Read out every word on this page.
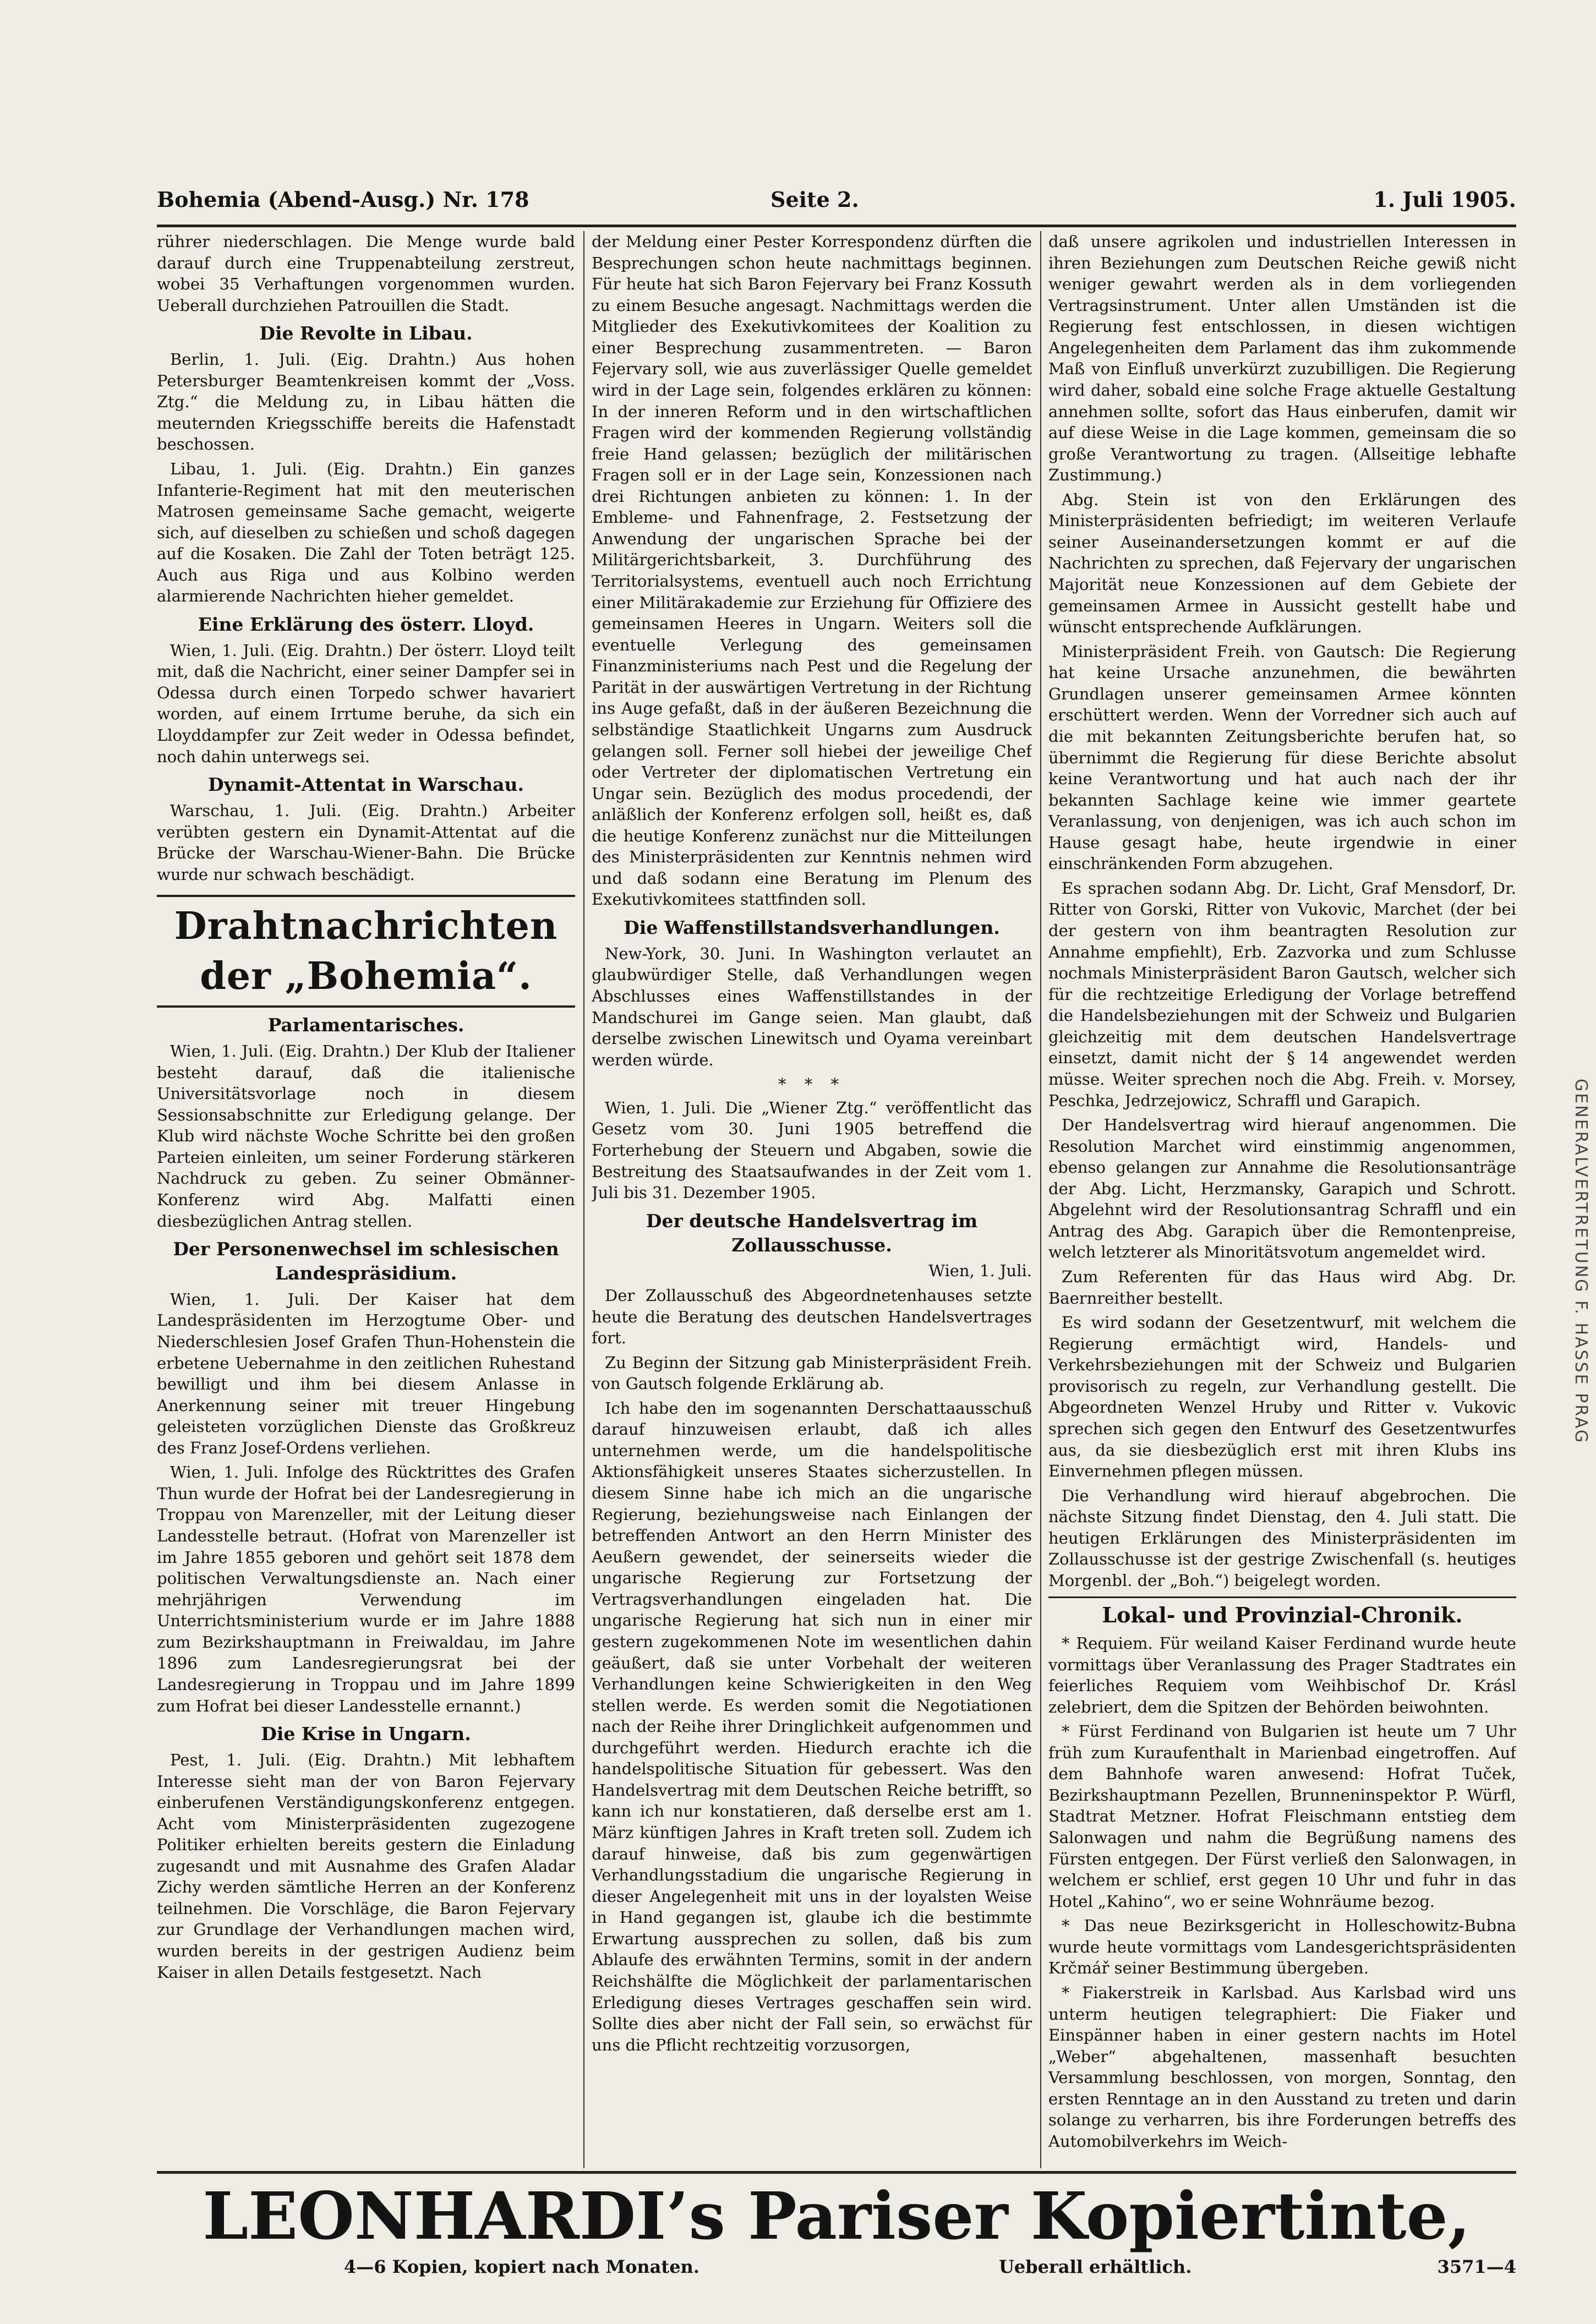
Bohemia (Abend-Ausg.) Nr. 178	Seite 2.	1. Juli 1905.

rührer niederschlagen. Die Menge wurde bald darauf durch eine Truppenabteilung zerstreut, wobei 35 Verhaftungen vorgenommen wurden. Ueberall durchziehen Patrouillen die Stadt.

Die Revolte in Libau.

Berlin, 1. Juli. (Eig. Drahtn.) Aus hohen Petersburger Beamtenkreisen kommt der „Voss. Ztg.“ die Meldung zu, in Libau hätten die meuternden Kriegsschiffe bereits die Hafenstadt beschossen.

Libau, 1. Juli. (Eig. Drahtn.) Ein ganzes Infanterie-Regiment hat mit den meuterischen Matrosen gemeinsame Sache gemacht, weigerte sich, auf dieselben zu schießen und schoß dagegen auf die Kosaken. Die Zahl der Toten beträgt 125. Auch aus Riga und aus Kolbino werden alarmierende Nachrichten hieher gemeldet.

Eine Erklärung des österr. Lloyd.

Wien, 1. Juli. (Eig. Drahtn.) Der österr. Lloyd teilt mit, daß die Nachricht, einer seiner Dampfer sei in Odessa durch einen Torpedo schwer havariert worden, auf einem Irrtume beruhe, da sich ein Lloyddampfer zur Zeit weder in Odessa befindet, noch dahin unterwegs sei.

Dynamit-Attentat in Warschau.

Warschau, 1. Juli. (Eig. Drahtn.) Arbeiter verübten gestern ein Dynamit-Attentat auf die Brücke der Warschau-Wiener-Bahn. Die Brücke wurde nur schwach beschädigt.

Drahtnachrichten der „Bohemia“.
Parlamentarisches.

Wien, 1. Juli. (Eig. Drahtn.) Der Klub der Italiener besteht darauf, daß die italienische Universitätsvorlage noch in diesem Sessionsabschnitte zur Erledigung gelange. Der Klub wird nächste Woche Schritte bei den großen Parteien einleiten, um seiner Forderung stärkeren Nachdruck zu geben. Zu seiner Obmänner-Konferenz wird Abg. Malfatti einen diesbezüglichen Antrag stellen.

Der Personenwechsel im schlesischen Landespräsidium.

Wien, 1. Juli. Der Kaiser hat dem Landespräsidenten im Herzogtume Ober- und Niederschlesien Josef Grafen Thun-Hohenstein die erbetene Uebernahme in den zeitlichen Ruhestand bewilligt und ihm bei diesem Anlasse in Anerkennung seiner mit treuer Hingebung geleisteten vorzüglichen Dienste das Großkreuz des Franz Josef-Ordens verliehen.

Wien, 1. Juli. Infolge des Rücktrittes des Grafen Thun wurde der Hofrat bei der Landesregierung in Troppau von Marenzeller, mit der Leitung dieser Landesstelle betraut. (Hofrat von Marenzeller ist im Jahre 1855 geboren und gehört seit 1878 dem politischen Verwaltungsdienste an. Nach einer mehrjährigen Verwendung im Unterrichtsministerium wurde er im Jahre 1888 zum Bezirkshauptmann in Freiwaldau, im Jahre 1896 zum Landesregierungsrat bei der Landesregierung in Troppau und im Jahre 1899 zum Hofrat bei dieser Landesstelle ernannt.)

Die Krise in Ungarn.

Pest, 1. Juli. (Eig. Drahtn.) Mit lebhaftem Interesse sieht man der von Baron Fejervary einberufenen Verständigungskonferenz entgegen. Acht vom Ministerpräsidenten zugezogene Politiker erhielten bereits gestern die Einladung zugesandt und mit Ausnahme des Grafen Aladar Zichy werden sämtliche Herren an der Konferenz teilnehmen. Die Vorschläge, die Baron Fejervary zur Grundlage der Verhandlungen machen wird, wurden bereits in der gestrigen Audienz beim Kaiser in allen Details festgesetzt. Nach

der Meldung einer Pester Korrespondenz dürften die Besprechungen schon heute nachmittags beginnen. Für heute hat sich Baron Fejervary bei Franz Kossuth zu einem Besuche angesagt. Nachmittags werden die Mitglieder des Exekutivkomitees der Koalition zu einer Besprechung zusammentreten. — Baron Fejervary soll, wie aus zuverlässiger Quelle gemeldet wird in der Lage sein, folgendes erklären zu können: In der inneren Reform und in den wirtschaftlichen Fragen wird der kommenden Regierung vollständig freie Hand gelassen; bezüglich der militärischen Fragen soll er in der Lage sein, Konzessionen nach drei Richtungen anbieten zu können: 1. In der Embleme- und Fahnenfrage, 2. Festsetzung der Anwendung der ungarischen Sprache bei der Militärgerichtsbarkeit, 3. Durchführung des Territorialsystems, eventuell auch noch Errichtung einer Militärakademie zur Erziehung für Offiziere des gemeinsamen Heeres in Ungarn. Weiters soll die eventuelle Verlegung des gemeinsamen Finanzministeriums nach Pest und die Regelung der Parität in der auswärtigen Vertretung in der Richtung ins Auge gefaßt, daß in der äußeren Bezeichnung die selbständige Staatlichkeit Ungarns zum Ausdruck gelangen soll. Ferner soll hiebei der jeweilige Chef oder Vertreter der diplomatischen Vertretung ein Ungar sein. Bezüglich des modus procedendi, der anläßlich der Konferenz erfolgen soll, heißt es, daß die heutige Konferenz zunächst nur die Mitteilungen des Ministerpräsidenten zur Kenntnis nehmen wird und daß sodann eine Beratung im Plenum des Exekutivkomitees stattfinden soll.

Die Waffenstillstandsverhandlungen.

New-York, 30. Juni. In Washington verlautet an glaubwürdiger Stelle, daß Verhandlungen wegen Abschlusses eines Waffenstillstandes in der Mandschurei im Gange seien. Man glaubt, daß derselbe zwischen Linewitsch und Oyama vereinbart werden würde.

* * *

Wien, 1. Juli. Die „Wiener Ztg.“ veröffentlicht das Gesetz vom 30. Juni 1905 betreffend die Forterhebung der Steuern und Abgaben, sowie die Bestreitung des Staatsaufwandes in der Zeit vom 1. Juli bis 31. Dezember 1905.

Der deutsche Handelsvertrag im Zollausschusse.

Wien, 1. Juli.

Der Zollausschuß des Abgeordnetenhauses setzte heute die Beratung des deutschen Handelsvertrages fort.

Zu Beginn der Sitzung gab Ministerpräsident Freih. von Gautsch folgende Erklärung ab.

Ich habe den im sogenannten Derschattaausschuß darauf hinzuweisen erlaubt, daß ich alles unternehmen werde, um die handelspolitische Aktionsfähigkeit unseres Staates sicherzustellen. In diesem Sinne habe ich mich an die ungarische Regierung, beziehungsweise nach Einlangen der betreffenden Antwort an den Herrn Minister des Aeußern gewendet, der seinerseits wieder die ungarische Regierung zur Fortsetzung der Vertragsverhandlungen eingeladen hat. Die ungarische Regierung hat sich nun in einer mir gestern zugekommenen Note im wesentlichen dahin geäußert, daß sie unter Vorbehalt der weiteren Verhandlungen keine Schwierigkeiten in den Weg stellen werde. Es werden somit die Negotiationen nach der Reihe ihrer Dringlichkeit aufgenommen und durchgeführt werden. Hiedurch erachte ich die handelspolitische Situation für gebessert. Was den Handelsvertrag mit dem Deutschen Reiche betrifft, so kann ich nur konstatieren, daß derselbe erst am 1. März künftigen Jahres in Kraft treten soll. Zudem ich darauf hinweise, daß bis zum gegenwärtigen Verhandlungsstadium die ungarische Regierung in dieser Angelegenheit mit uns in der loyalsten Weise in Hand gegangen ist, glaube ich die bestimmte Erwartung aussprechen zu sollen, daß bis zum Ablaufe des erwähnten Termins, somit in der andern Reichshälfte die Möglichkeit der parlamentarischen Erledigung dieses Vertrages geschaffen sein wird. Sollte dies aber nicht der Fall sein, so erwächst für uns die Pflicht rechtzeitig vorzusorgen,

daß unsere agrikolen und industriellen Interessen in ihren Beziehungen zum Deutschen Reiche gewiß nicht weniger gewahrt werden als in dem vorliegenden Vertragsinstrument. Unter allen Umständen ist die Regierung fest entschlossen, in diesen wichtigen Angelegenheiten dem Parlament das ihm zukommende Maß von Einfluß unverkürzt zuzubilligen. Die Regierung wird daher, sobald eine solche Frage aktuelle Gestaltung annehmen sollte, sofort das Haus einberufen, damit wir auf diese Weise in die Lage kommen, gemeinsam die so große Verantwortung zu tragen. (Allseitige lebhafte Zustimmung.)

Abg. Stein ist von den Erklärungen des Ministerpräsidenten befriedigt; im weiteren Verlaufe seiner Auseinandersetzungen kommt er auf die Nachrichten zu sprechen, daß Fejervary der ungarischen Majorität neue Konzessionen auf dem Gebiete der gemeinsamen Armee in Aussicht gestellt habe und wünscht entsprechende Aufklärungen.

Ministerpräsident Freih. von Gautsch: Die Regierung hat keine Ursache anzunehmen, die bewährten Grundlagen unserer gemeinsamen Armee könnten erschüttert werden. Wenn der Vorredner sich auch auf die mit bekannten Zeitungsberichte berufen hat, so übernimmt die Regierung für diese Berichte absolut keine Verantwortung und hat auch nach der ihr bekannten Sachlage keine wie immer geartete Veranlassung, von denjenigen, was ich auch schon im Hause gesagt habe, heute irgendwie in einer einschränkenden Form abzugehen.

Es sprachen sodann Abg. Dr. Licht, Graf Mensdorf, Dr. Ritter von Gorski, Ritter von Vukovic, Marchet (der bei der gestern von ihm beantragten Resolution zur Annahme empfiehlt), Erb. Zazvorka und zum Schlusse nochmals Ministerpräsident Baron Gautsch, welcher sich für die rechtzeitige Erledigung der Vorlage betreffend die Handelsbeziehungen mit der Schweiz und Bulgarien gleichzeitig mit dem deutschen Handelsvertrage einsetzt, damit nicht der § 14 angewendet werden müsse. Weiter sprechen noch die Abg. Freih. v. Morsey, Peschka, Jedrzejowicz, Schraffl und Garapich.

Der Handelsvertrag wird hierauf angenommen. Die Resolution Marchet wird einstimmig angenommen, ebenso gelangen zur Annahme die Resolutionsanträge der Abg. Licht, Herzmansky, Garapich und Schrott. Abgelehnt wird der Resolutionsantrag Schraffl und ein Antrag des Abg. Garapich über die Remontenpreise, welch letzterer als Minoritätsvotum angemeldet wird.

Zum Referenten für das Haus wird Abg. Dr. Baernreither bestellt.

Es wird sodann der Gesetzentwurf, mit welchem die Regierung ermächtigt wird, Handels- und Verkehrsbeziehungen mit der Schweiz und Bulgarien provisorisch zu regeln, zur Verhandlung gestellt. Die Abgeordneten Wenzel Hruby und Ritter v. Vukovic sprechen sich gegen den Entwurf des Gesetzentwurfes aus, da sie diesbezüglich erst mit ihren Klubs ins Einvernehmen pflegen müssen.

Die Verhandlung wird hierauf abgebrochen. Die nächste Sitzung findet Dienstag, den 4. Juli statt. Die heutigen Erklärungen des Ministerpräsidenten im Zollausschusse ist der gestrige Zwischenfall (s. heutiges Morgenbl. der „Boh.“) beigelegt worden.

Lokal- und Provinzial-Chronik.

* Requiem. Für weiland Kaiser Ferdinand wurde heute vormittags über Veranlassung des Prager Stadtrates ein feierliches Requiem vom Weihbischof Dr. Krásl zelebriert, dem die Spitzen der Behörden beiwohnten.

* Fürst Ferdinand von Bulgarien ist heute um 7 Uhr früh zum Kuraufenthalt in Marienbad eingetroffen. Auf dem Bahnhofe waren anwesend: Hofrat Tuček, Bezirkshauptmann Pezellen, Brunneninspektor P. Würfl, Stadtrat Metzner. Hofrat Fleischmann entstieg dem Salonwagen und nahm die Begrüßung namens des Fürsten entgegen. Der Fürst verließ den Salonwagen, in welchem er schlief, erst gegen 10 Uhr und fuhr in das Hotel „Kahino“, wo er seine Wohnräume bezog.

* Das neue Bezirksgericht in Holleschowitz-Bubna wurde heute vormittags vom Landesgerichtspräsidenten Krčmář seiner Bestimmung übergeben.

* Fiakerstreik in Karlsbad. Aus Karlsbad wird uns unterm heutigen telegraphiert: Die Fiaker und Einspänner haben in einer gestern nachts im Hotel „Weber“ abgehaltenen, massenhaft besuchten Versammlung beschlossen, von morgen, Sonntag, den ersten Renntage an in den Ausstand zu treten und darin solange zu verharren, bis ihre Forderungen betreffs des Automobilverkehrs im Weich-

LEONHARDI’s Pariser Kopiertinte,
4—6 Kopien, kopiert nach Monaten.	Ueberall erhältlich.	3571—4
GENERALVERTRETUNG F. HASSE PRAG
